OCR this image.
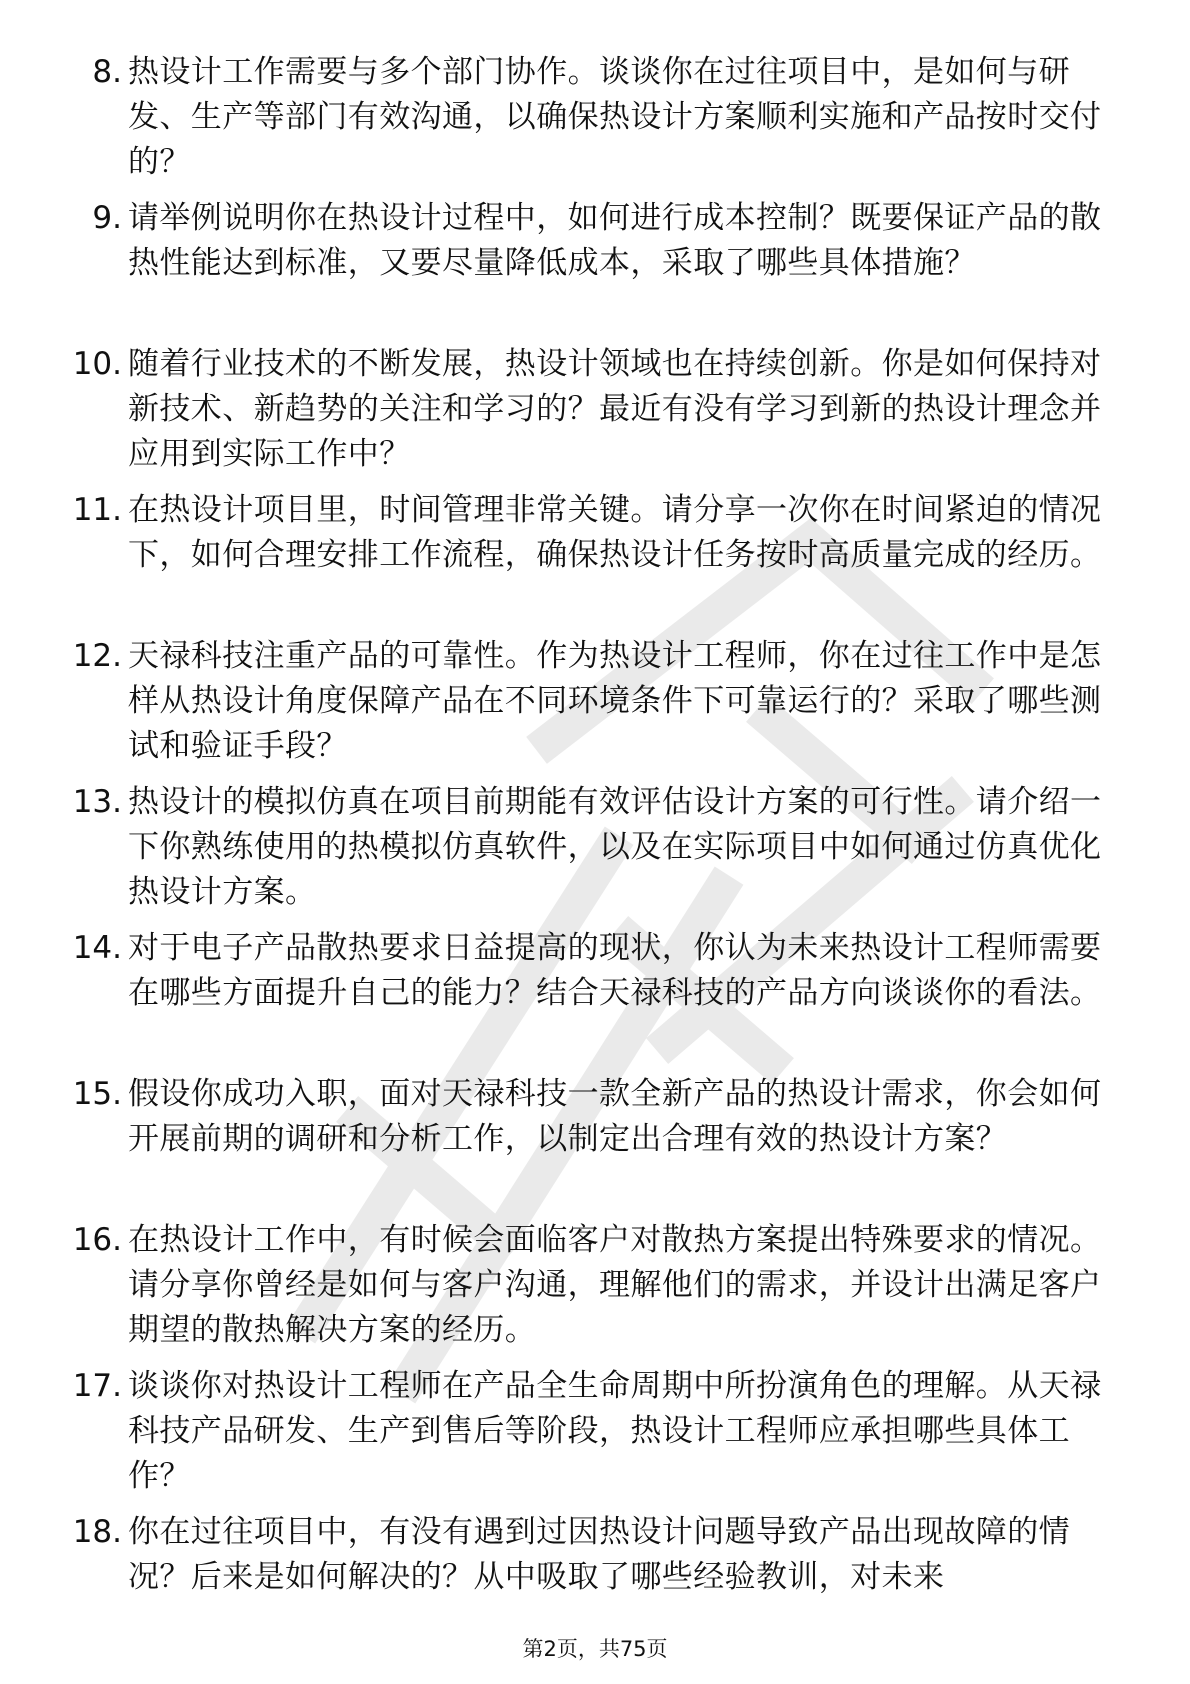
8. 热设计工作需要与多个部门协作。谈谈你在过往项目中，是如何与研发、生产等部门有效沟通，以确保热设计方案顺利实施和产品按时交付的？
9. 请举例说明你在热设计过程中，如何进行成本控制？既要保证产品的散热性能达到标准，又要尽量降低成本，采取了哪些具体措施？
10. 随着行业技术的不断发展，热设计领域也在持续创新。你是如何保持对新技术、新趋势的关注和学习的？最近有没有学习到新的热设计理念并应用到实际工作中？
11. 在热设计项目里，时间管理非常关键。请分享一次你在时间紧迫的情况下，如何合理安排工作流程，确保热设计任务按时高质量完成的经历。
12. 天禄科技注重产品的可靠性。作为热设计工程师，你在过往工作中是怎样从热设计角度保障产品在不同环境条件下可靠运行的？采取了哪些测试和验证手段？
13. 热设计的模拟仿真在项目前期能有效评估设计方案的可行性。请介绍一下你熟练使用的热模拟仿真软件，以及在实际项目中如何通过仿真优化热设计方案。
14. 对于电子产品散热要求日益提高的现状，你认为未来热设计工程师需要在哪些方面提升自己的能力？结合天禄科技的产品方向谈谈你的看法。
15. 假设你成功入职，面对天禄科技一款全新产品的热设计需求，你会如何开展前期的调研和分析工作，以制定出合理有效的热设计方案？
16. 在热设计工作中，有时候会面临客户对散热方案提出特殊要求的情况。请分享你曾经是如何与客户沟通，理解他们的需求，并设计出满足客户期望的散热解决方案的经历。
17. 谈谈你对热设计工程师在产品全生命周期中所扮演角色的理解。从天禄科技产品研发、生产到售后等阶段，热设计工程师应承担哪些具体工作？
18. 你在过往项目中，有没有遇到过因热设计问题导致产品出现故障的情况？后来是如何解决的？从中吸取了哪些经验教训，对未来
第2页，共75页
